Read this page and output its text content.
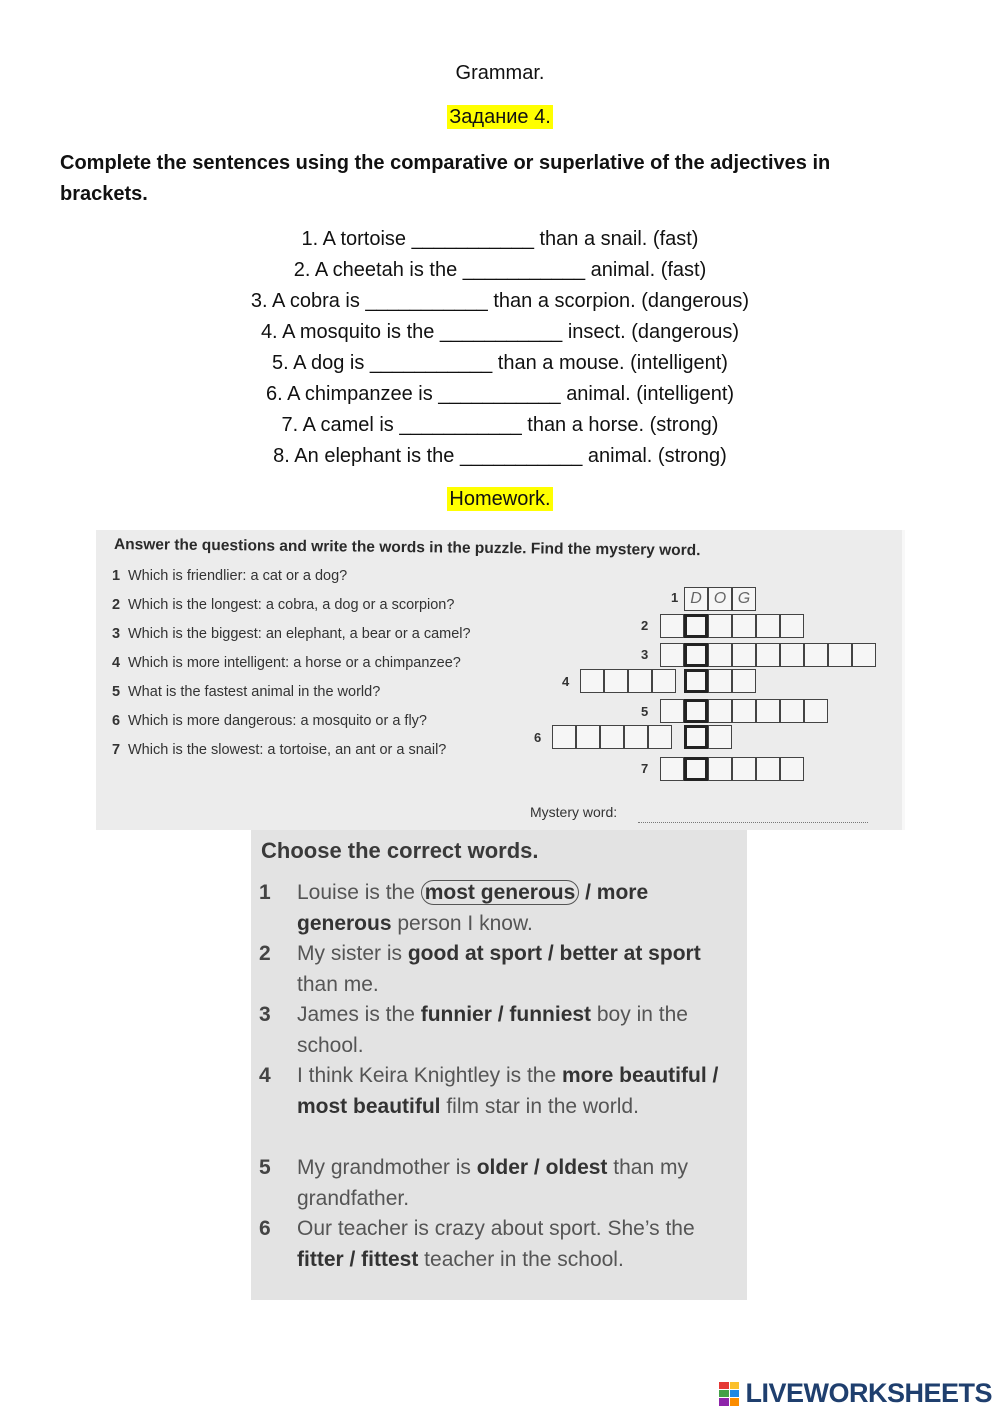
Grammar.
Задание 4.
Complete the sentences using the comparative or superlative of the adjectives in brackets.
1. A tortoise ___________ than a snail. (fast)
2. A cheetah is the ___________ animal. (fast)
3. A cobra is ___________ than a scorpion. (dangerous)
4. A mosquito is the ___________ insect. (dangerous)
5. A dog is ___________ than a mouse. (intelligent)
6. A chimpanzee is ___________ animal. (intelligent)
7. A camel is ___________ than a horse. (strong)
8. An elephant is the ___________ animal. (strong)
Homework.
Answer the questions and write the words in the puzzle. Find the mystery word.
1 Which is friendlier: a cat or a dog?
2 Which is the longest: a cobra, a dog or a scorpion?
3 Which is the biggest: an elephant, a bear or a camel?
4 Which is more intelligent: a horse or a chimpanzee?
5 What is the fastest animal in the world?
6 Which is more dangerous: a mosquito or a fly?
7 Which is the slowest: a tortoise, an ant or a snail?
1
2
3
4
5
6
7
D O G
Mystery word:
Choose the correct words.
1 Louise is the most generous / more generous person I know.
2 My sister is good at sport / better at sport than me.
3 James is the funnier / funniest boy in the school.
4 I think Keira Knightley is the more beautiful / most beautiful film star in the world.
5 My grandmother is older / oldest than my grandfather.
6 Our teacher is crazy about sport. She’s the fitter / fittest teacher in the school.
LIVEWORKSHEETS
